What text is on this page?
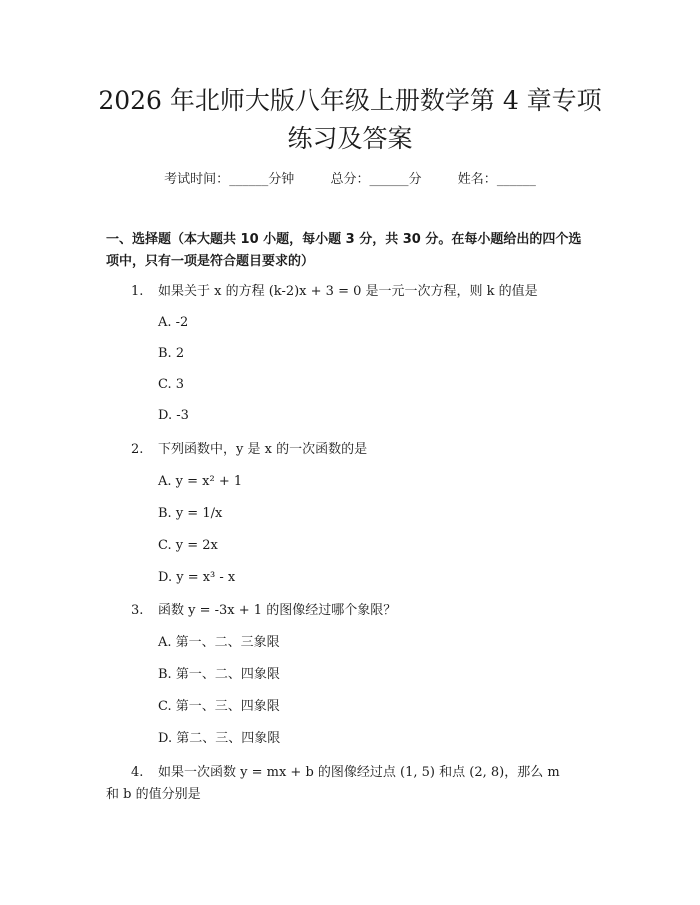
2026 年北师大版八年级上册数学第 4 章专项
练习及答案
考试时间：______分钟	总分：______分	姓名：______
一、选择题（本大题共 10 小题，每小题 3 分，共 30 分。在每小题给出的四个选
项中，只有一项是符合题目要求的）
1. 如果关于 x 的方程 (k-2)x + 3 = 0 是一元一次方程，则 k 的值是
A. -2
B. 2
C. 3
D. -3
2. 下列函数中，y 是 x 的一次函数的是
A. y = x² + 1
B. y = 1/x
C. y = 2x
D. y = x³ - x
3. 函数 y = -3x + 1 的图像经过哪个象限？
A. 第一、二、三象限
B. 第一、二、四象限
C. 第一、三、四象限
D. 第二、三、四象限
4. 如果一次函数 y = mx + b 的图像经过点 (1, 5) 和点 (2, 8)，那么 m
和 b 的值分别是
